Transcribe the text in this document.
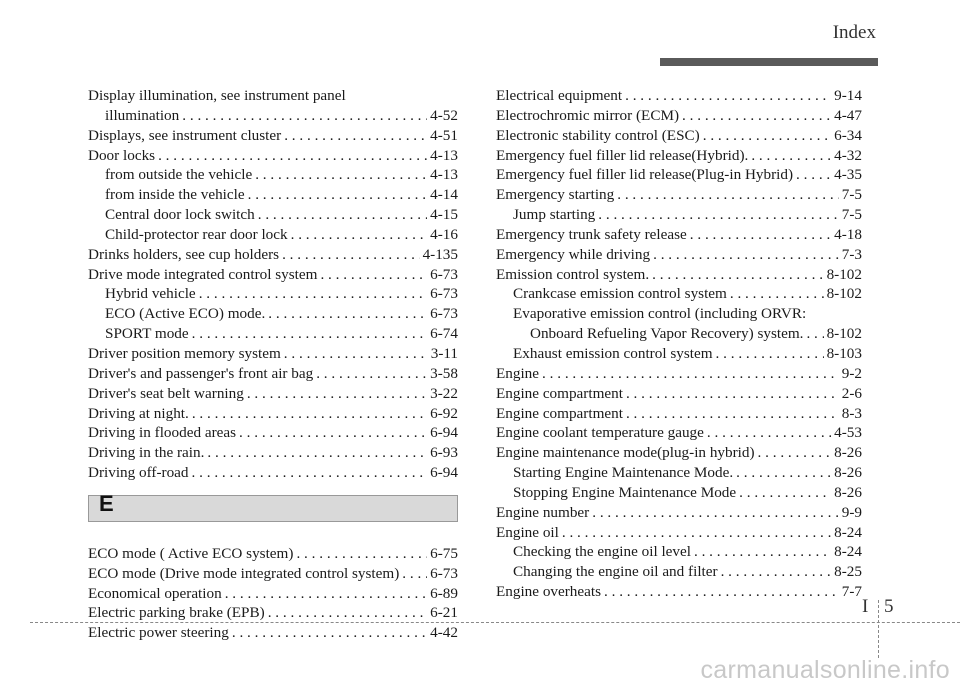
Index
Display illumination, see instrument panel
illumination . . .	4-52
Displays, see instrument cluster . . .	4-51
Door locks . . .	4-13
from outside the vehicle . . .	4-13
from inside the vehicle . . .	4-14
Central door lock switch . . .	4-15
Child-protector rear door lock . . .	4-16
Drinks holders, see cup holders . . .	4-135
Drive mode integrated control system . . .	6-73
Hybrid vehicle . . .	6-73
ECO (Active ECO) mode. . . .	6-73
SPORT mode . . .	6-74
Driver position memory system . . .	3-11
Driver's and passenger's front air bag . . .	3-58
Driver's seat belt warning . . .	3-22
Driving at night. . . .	6-92
Driving in flooded areas . . .	6-94
Driving in the rain. . . .	6-93
Driving off-road . . .	6-94
E
ECO mode ( Active ECO system) . . .	6-75
ECO mode (Drive mode integrated control system) . . . 6-73
Economical operation . . .	6-89
Electric parking brake (EPB) . . .	6-21
Electric power steering . . .	4-42
Electrical equipment . . .	9-14
Electrochromic mirror (ECM) . . .	4-47
Electronic stability control (ESC) . . .	6-34
Emergency fuel filler lid release(Hybrid). . . .	4-32
Emergency fuel filler lid release(Plug-in Hybrid) . . .	4-35
Emergency starting . . .	7-5
Jump starting . . .	7-5
Emergency trunk safety release . . .	4-18
Emergency while driving . . .	7-3
Emission control system. . . .	8-102
Crankcase emission control system . . .	8-102
Evaporative emission control (including ORVR:
Onboard Refueling Vapor Recovery) system. . . . 8-102
Exhaust emission control system . . .	8-103
Engine . . .	9-2
Engine compartment . . .	2-6
Engine compartment . . .	8-3
Engine coolant temperature gauge . . .	4-53
Engine maintenance mode(plug-in hybrid) . . .	8-26
Starting Engine Maintenance Mode. . . .	8-26
Stopping Engine Maintenance Mode . . .	8-26
Engine number . . .	9-9
Engine oil . . .	8-24
Checking the engine oil level . . .	8-24
Changing the engine oil and filter . . .	8-25
Engine overheats . . .	7-7
I 5
carmanualsonline.info
